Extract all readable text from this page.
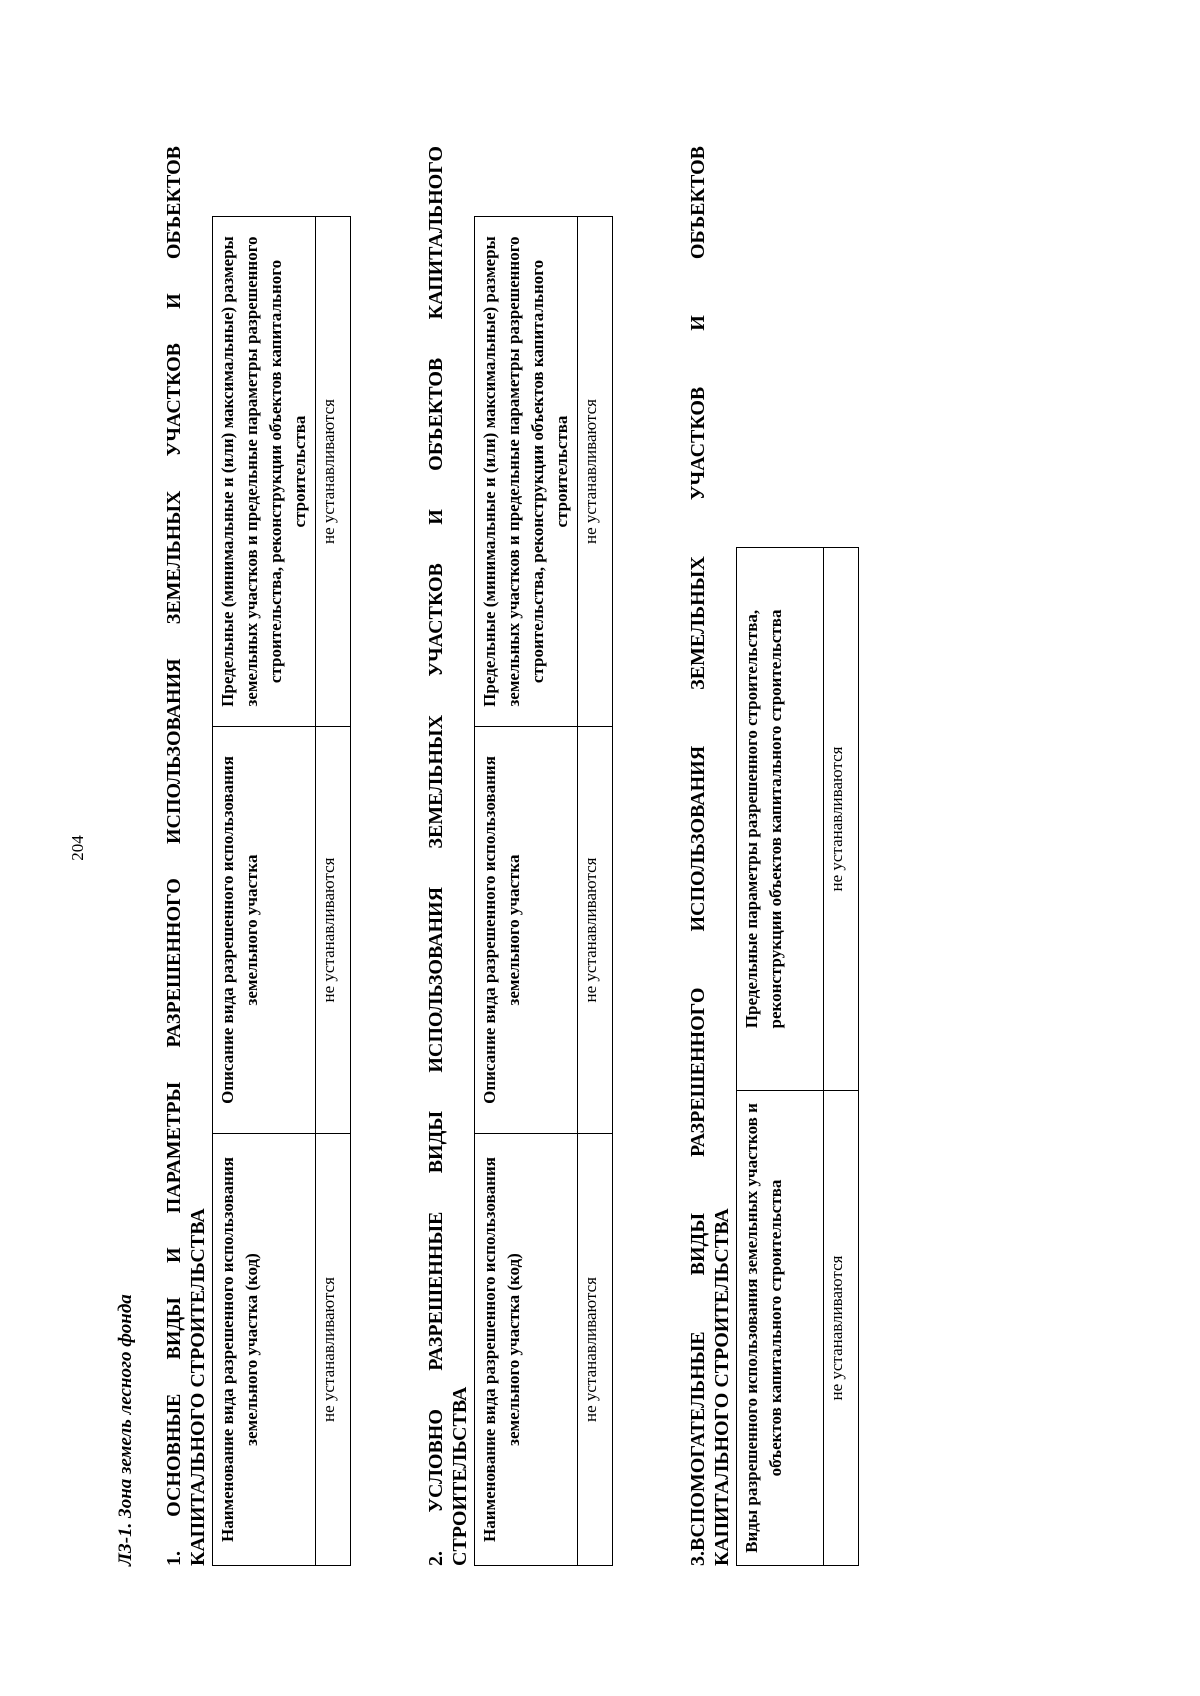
204
ЛЗ-1. Зона земель лесного фонда 1. ОСНОВНЫЕ ВИДЫ И ПАРАМЕТРЫ РАЗРЕШЕННОГО ИСПОЛЬЗОВАНИЯ ЗЕМЕЛЬНЫХ УЧАСТКОВ И ОБЪЕКТОВ КАПИТАЛЬНОГО СТРОИТЕЛЬСТВА Наименование вида разрешенного использования земельного участка (код)	Описание вида разрешенного использования земельного участка	Предельные (минимальные и (или) максимальные) размеры земельных участков и предельные параметры разрешенного строительства, реконструкции объектов капитального строительства
не устанавливаются	не устанавливаются	не устанавливаются	2. УСЛОВНО РАЗРЕШЕННЫЕ ВИДЫ ИСПОЛЬЗОВАНИЯ ЗЕМЕЛЬНЫХ УЧАСТКОВ И ОБЪЕКТОВ КАПИТАЛЬНОГО СТРОИТЕЛЬСТВА Наименование вида разрешенного использования земельного участка (код)	Описание вида разрешенного использования земельного участка	Предельные (минимальные и (или) максимальные) размеры земельных участков и предельные параметры разрешенного строительства, реконструкции объектов капитального строительства
не устанавливаются	не устанавливаются	не устанавливаются	3.ВСПОМОГАТЕЛЬНЫЕ ВИДЫ РАЗРЕШЕННОГО ИСПОЛЬЗОВАНИЯ ЗЕМЕЛЬНЫХ УЧАСТКОВ И ОБЪЕКТОВ КАПИТАЛЬНОГО СТРОИТЕЛЬСТВА Виды разрешенного использования земельных участков и объектов капитального строительства	Предельные параметры разрешенного строительства, реконструкции объектов капитального строительства
не устанавливаются	не устанавливаются
